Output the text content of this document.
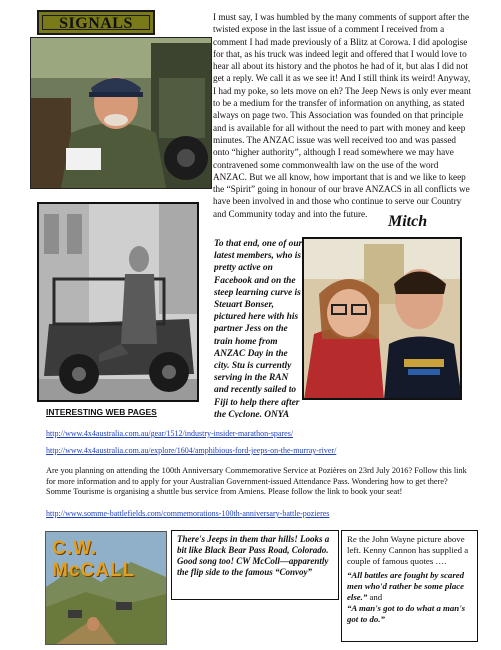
SIGNALS	I must say, I was humbled by the many comments of support after the twisted expose in the last issue of a comment I received from a comment I had made previously of a Blitz at Corowa. I did apologise for that, as his truck was indeed legit and offered that I would love to hear all about its history and the photos he had of it, but alas I did not get a reply. We call it as we see it! And I still think its weird! Anyway, I had my poke, so lets move on eh? The Jeep News is only ever meant to be a medium for the transfer of information on anything, as stated always on page two. This Association was founded on that principle and is available for all without the need to part with money and keep minutes. The ANZAC issue was well received too and was passed onto “higher authority”, although I read somewhere we may have contravened some commonwealth law on the use of the word ANZAC. But we all know, how important that is and we like to keep the “Spirit” going in honour of our brave ANZACS in all conflicts we have been involved in and those who continue to serve our Country and Community today and into the future.	Mitch
To that end, one of our latest members, who is pretty active on Facebook and on the steep learning curve is Steuart Bonser, pictured here with his partner Jess on the train home from ANZAC Day in the city. Stu is currently serving in the RAN and recently sailed to Fiji to help there after the Cyclone. ONYA
INTERESTING WEB PAGES
http://www.4x4australia.com.au/gear/1512/industry-insider-marathon-spares/
http://www.4x4australia.com.au/explore/1604/amphibious-ford-jeeps-on-the-murray-river/
Are you planning on attending the 100th Anniversary Commemorative Service at Pozières on 23rd July 2016? Follow this link for more information and to apply for your Australian Government-issued Attendance Pass. Wondering how to get there? Somme Tourisme is organising a shuttle bus service from Amiens. Please follow the link to book your seat!
http://www.somme-battlefields.com/commemorations-100th-anniversary-battle-pozieres
C.W. McCALL
There's Jeeps in them thar hills! Looks a bit like Black Bear Pass Road, Colorado. Good song too! CW McColl—apparently the flip side to the famous “Convoy”
Re the John Wayne picture above left. Kenny Cannon has supplied a couple of famous quotes ….
“All battles are fought by scared men who'd rather be some place else.” and
“A man's got to do what a man's got to do.”
